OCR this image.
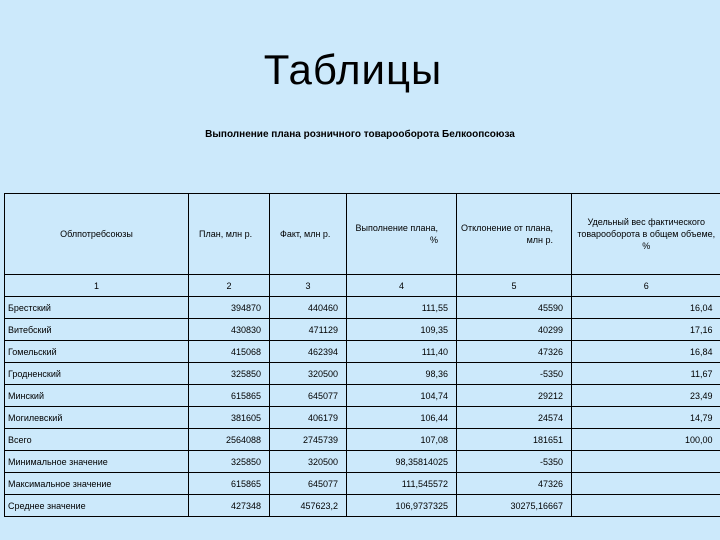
Таблицы

Выполнение плана розничного товарооборота Белкоопсоюза

Облпотребсоюзы	План, млн р.	Факт, млн р.	Выполнение плана, %	Отклонение от плана, млн р.	Удельный вес фактического товарооборота в общем объеме, %
1	2	3	4	5	6
Брестский	394870	440460	111,55	45590	16,04
Витебский	430830	471129	109,35	40299	17,16
Гомельский	415068	462394	111,40	47326	16,84
Гродненский	325850	320500	98,36	-5350	11,67
Минский	615865	645077	104,74	29212	23,49
Могилевский	381605	406179	106,44	24574	14,79
Всего	2564088	2745739	107,08	181651	100,00
Минимальное значение	325850	320500	98,35814025	-5350	
Максимальное значение	615865	645077	111,545572	47326	
Среднее значение	427348	457623,2	106,9737325	30275,16667	
